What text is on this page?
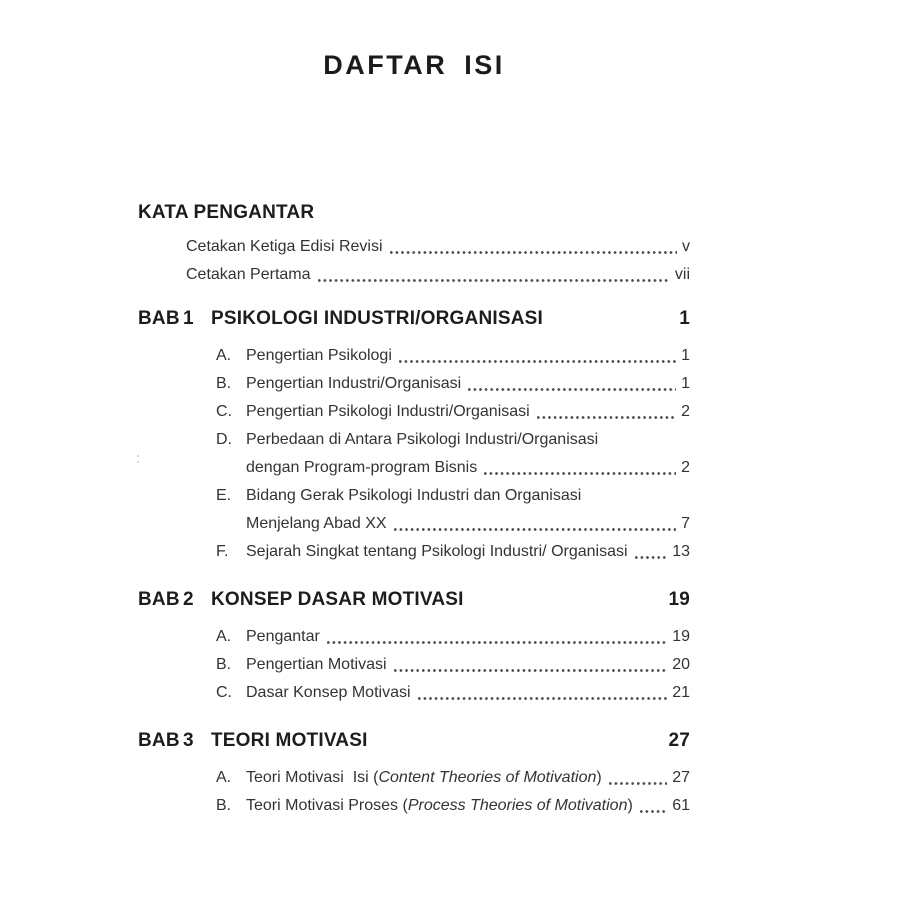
DAFTAR ISI
KATA PENGANTAR
Cetakan Ketiga Edisi Revisi	v
Cetakan Pertama	vii
BAB 1 PSIKOLOGI INDUSTRI/ORGANISASI	1
A. Pengertian Psikologi	1
B. Pengertian Industri/Organisasi	1
C. Pengertian Psikologi Industri/Organisasi	2
D. Perbedaan di Antara Psikologi Industri/Organisasi
dengan Program-program Bisnis	2
E. Bidang Gerak Psikologi Industri dan Organisasi
Menjelang Abad XX	7
F.	Sejarah Singkat tentang Psikologi Industri/ Organisasi	13
BAB 2 KONSEP DASAR MOTIVASI	19
A. Pengantar	19
B. Pengertian Motivasi	20
C. Dasar Konsep Motivasi	21
BAB 3 TEORI MOTIVASI	27
A. Teori Motivasi  Isi (Content Theories of Motivation)	27
B. Teori Motivasi Proses (Process Theories of Motivation) 61
